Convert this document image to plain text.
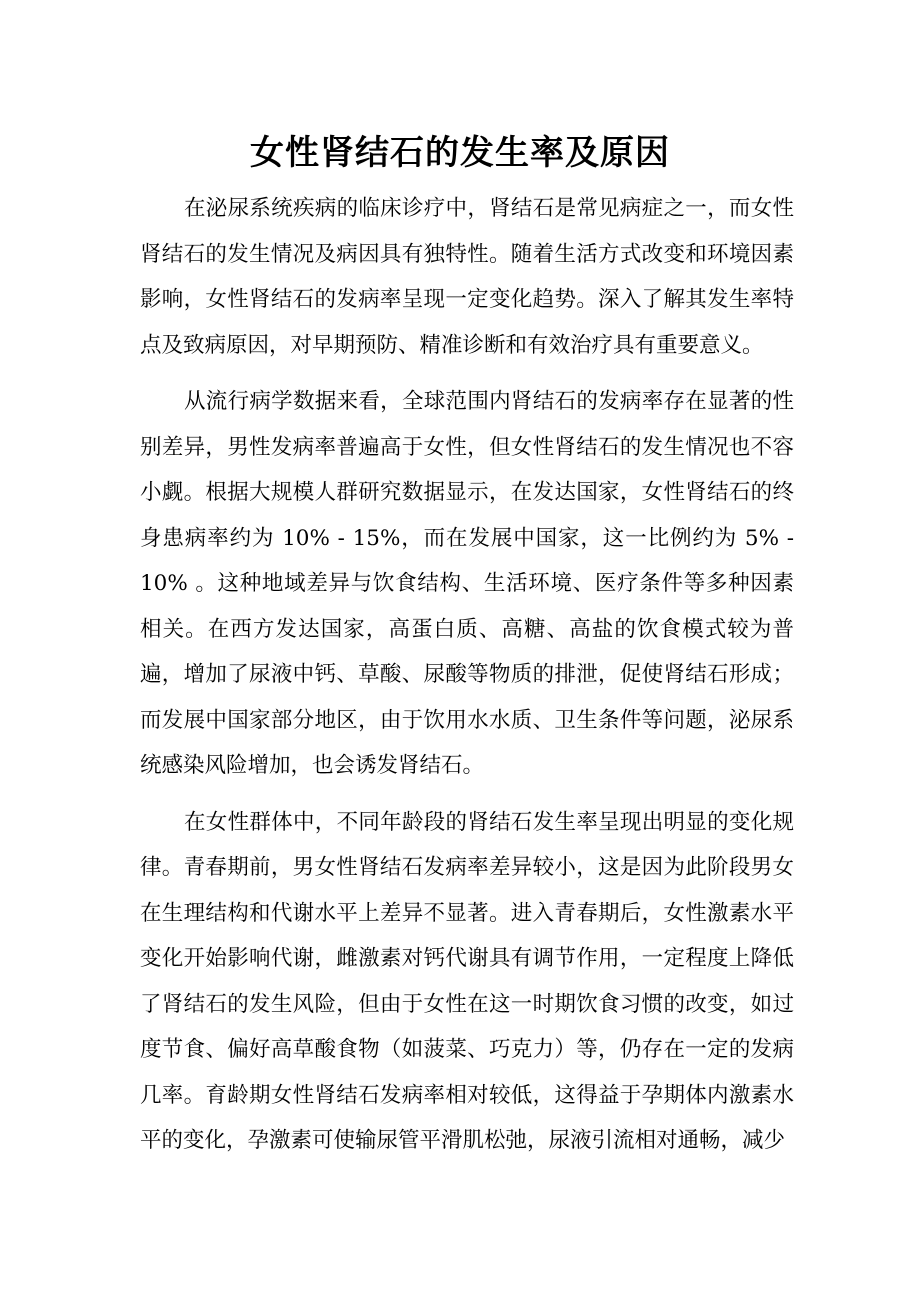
女性肾结石的发生率及原因

在泌尿系统疾病的临床诊疗中，肾结石是常见病症之一，而女性肾结石的发生情况及病因具有独特性。随着生活方式改变和环境因素影响，女性肾结石的发病率呈现一定变化趋势。深入了解其发生率特点及致病原因，对早期预防、精准诊断和有效治疗具有重要意义。

从流行病学数据来看，全球范围内肾结石的发病率存在显著的性别差异，男性发病率普遍高于女性，但女性肾结石的发生情况也不容小觑。根据大规模人群研究数据显示，在发达国家，女性肾结石的终身患病率约为 10% - 15%，而在发展中国家，这一比例约为 5% - 10% 。这种地域差异与饮食结构、生活环境、医疗条件等多种因素相关。在西方发达国家，高蛋白质、高糖、高盐的饮食模式较为普遍，增加了尿液中钙、草酸、尿酸等物质的排泄，促使肾结石形成；而发展中国家部分地区，由于饮用水水质、卫生条件等问题，泌尿系统感染风险增加，也会诱发肾结石。

在女性群体中，不同年龄段的肾结石发生率呈现出明显的变化规律。青春期前，男女性肾结石发病率差异较小，这是因为此阶段男女在生理结构和代谢水平上差异不显著。进入青春期后，女性激素水平变化开始影响代谢，雌激素对钙代谢具有调节作用，一定程度上降低了肾结石的发生风险，但由于女性在这一时期饮食习惯的改变，如过度节食、偏好高草酸食物（如菠菜、巧克力）等，仍存在一定的发病几率。育龄期女性肾结石发病率相对较低，这得益于孕期体内激素水平的变化，孕激素可使输尿管平滑肌松弛，尿液引流相对通畅，减少
